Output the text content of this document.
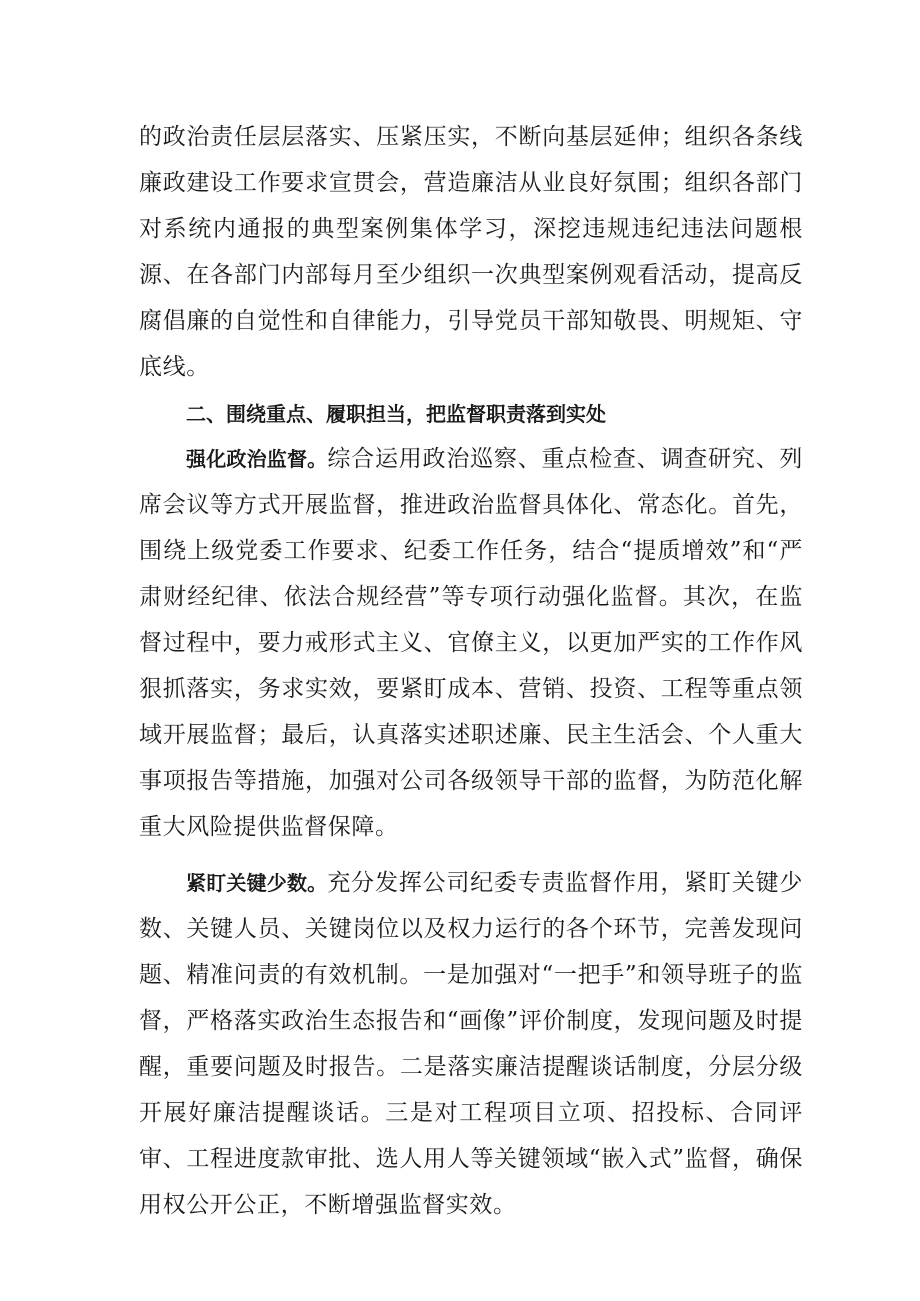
的政治责任层层落实、压紧压实，不断向基层延伸；组织各条线廉政建设工作要求宣贯会，营造廉洁从业良好氛围；组织各部门对系统内通报的典型案例集体学习，深挖违规违纪违法问题根源、在各部门内部每月至少组织一次典型案例观看活动，提高反腐倡廉的自觉性和自律能力，引导党员干部知敬畏、明规矩、守底线。

二、围绕重点、履职担当，把监督职责落到实处

强化政治监督。综合运用政治巡察、重点检查、调查研究、列席会议等方式开展监督，推进政治监督具体化、常态化。首先，围绕上级党委工作要求、纪委工作任务，结合“提质增效”和“严肃财经纪律、依法合规经营”等专项行动强化监督。其次，在监督过程中，要力戒形式主义、官僚主义，以更加严实的工作作风狠抓落实，务求实效，要紧盯成本、营销、投资、工程等重点领域开展监督；最后，认真落实述职述廉、民主生活会、个人重大事项报告等措施，加强对公司各级领导干部的监督，为防范化解重大风险提供监督保障。

紧盯关键少数。充分发挥公司纪委专责监督作用，紧盯关键少数、关键人员、关键岗位以及权力运行的各个环节，完善发现问题、精准问责的有效机制。一是加强对“一把手”和领导班子的监督，严格落实政治生态报告和“画像”评价制度，发现问题及时提醒，重要问题及时报告。二是落实廉洁提醒谈话制度，分层分级开展好廉洁提醒谈话。三是对工程项目立项、招投标、合同评审、工程进度款审批、选人用人等关键领域“嵌入式”监督，确保用权公开公正，不断增强监督实效。
